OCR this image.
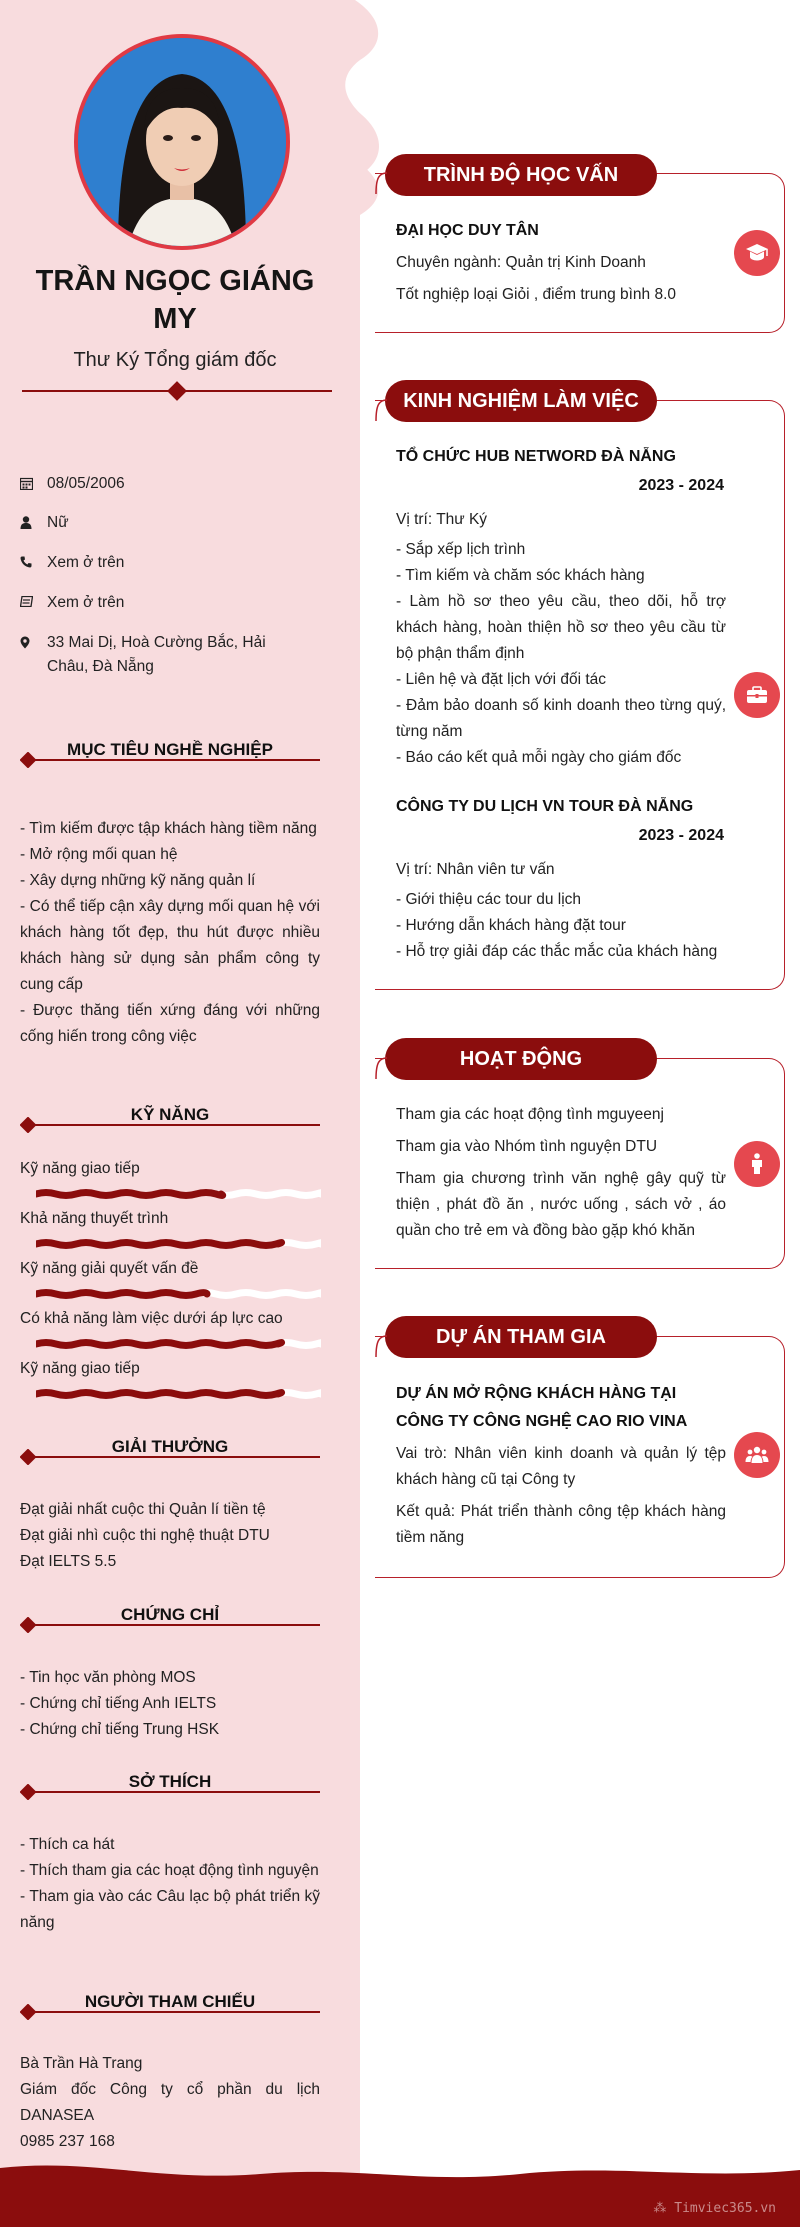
TRẦN NGỌC GIÁNG
MY
Thư Ký Tổng giám đốc
08/05/2006
Nữ
Xem ở trên
Xem ở trên
33 Mai Dị, Hoà Cường Bắc, Hải Châu, Đà Nẵng
MỤC TIÊU NGHỀ NGHIỆP
- Tìm kiếm được tập khách hàng tiềm năng
- Mở rộng mối quan hệ
- Xây dựng những kỹ năng quản lí
- Có thể tiếp cận xây dựng mối quan hệ với khách hàng tốt đẹp, thu hút được nhiều khách hàng sử dụng sản phẩm công ty cung cấp
- Được thăng tiến xứng đáng với những cống hiến trong công việc
KỸ NĂNG
Kỹ năng giao tiếp
Khả năng thuyết trình
Kỹ năng giải quyết vấn đề
Có khả năng làm việc dưới áp lực cao
Kỹ năng giao tiếp
GIẢI THƯỞNG
Đạt giải nhất cuộc thi Quản lí tiền tệ
Đạt giải nhì cuộc thi nghệ thuật DTU
Đạt IELTS 5.5
CHỨNG CHỈ
- Tin học văn phòng MOS
- Chứng chỉ tiếng Anh IELTS
- Chứng chỉ tiếng Trung HSK
SỞ THÍCH
- Thích ca hát
- Thích tham gia các hoạt động tình nguyện
- Tham gia vào các Câu lạc bộ phát triển kỹ năng
NGƯỜI THAM CHIẾU
Bà Trần Hà Trang
Giám đốc Công ty cổ phần du lịch DANASEA
0985 237 168
TRÌNH ĐỘ HỌC VẤN
ĐẠI HỌC DUY TÂN
Chuyên ngành: Quản trị Kinh Doanh
Tốt nghiệp loại Giỏi , điểm trung bình 8.0
KINH NGHIỆM LÀM VIỆC
TỔ CHỨC HUB NETWORD ĐÀ NẴNG
2023 - 2024
Vị trí: Thư Ký
- Sắp xếp lịch trình
- Tìm kiếm và chăm sóc khách hàng
- Làm hồ sơ theo yêu cầu, theo dõi, hỗ trợ khách hàng, hoàn thiện hồ sơ theo yêu cầu từ bộ phận thẩm định
- Liên hệ và đặt lịch với đối tác
- Đảm bảo doanh số kinh doanh theo từng quý, từng năm
- Báo cáo kết quả mỗi ngày cho giám đốc
CÔNG TY DU LỊCH VN TOUR ĐÀ NẴNG
2023 - 2024
Vị trí: Nhân viên tư vấn
- Giới thiệu các tour du lịch
- Hướng dẫn khách hàng đặt tour
- Hỗ trợ giải đáp các thắc mắc của khách hàng
HOẠT ĐỘNG
Tham gia các hoạt động tình mguyeenj
Tham gia vào Nhóm tình nguyện DTU
Tham gia chương trình văn nghệ gây quỹ từ thiện , phát đồ ăn , nước uống , sách vở , áo quần cho trẻ em và đồng bào gặp khó khăn
DỰ ÁN THAM GIA
DỰ ÁN MỞ RỘNG KHÁCH HÀNG TẠI CÔNG TY CÔNG NGHỆ CAO RIO VINA
Vai trò: Nhân viên kinh doanh và quản lý tệp khách hàng cũ tại Công ty
Kết quả: Phát triển thành công tệp khách hàng tiềm năng
⁂ Timviec365.vn
